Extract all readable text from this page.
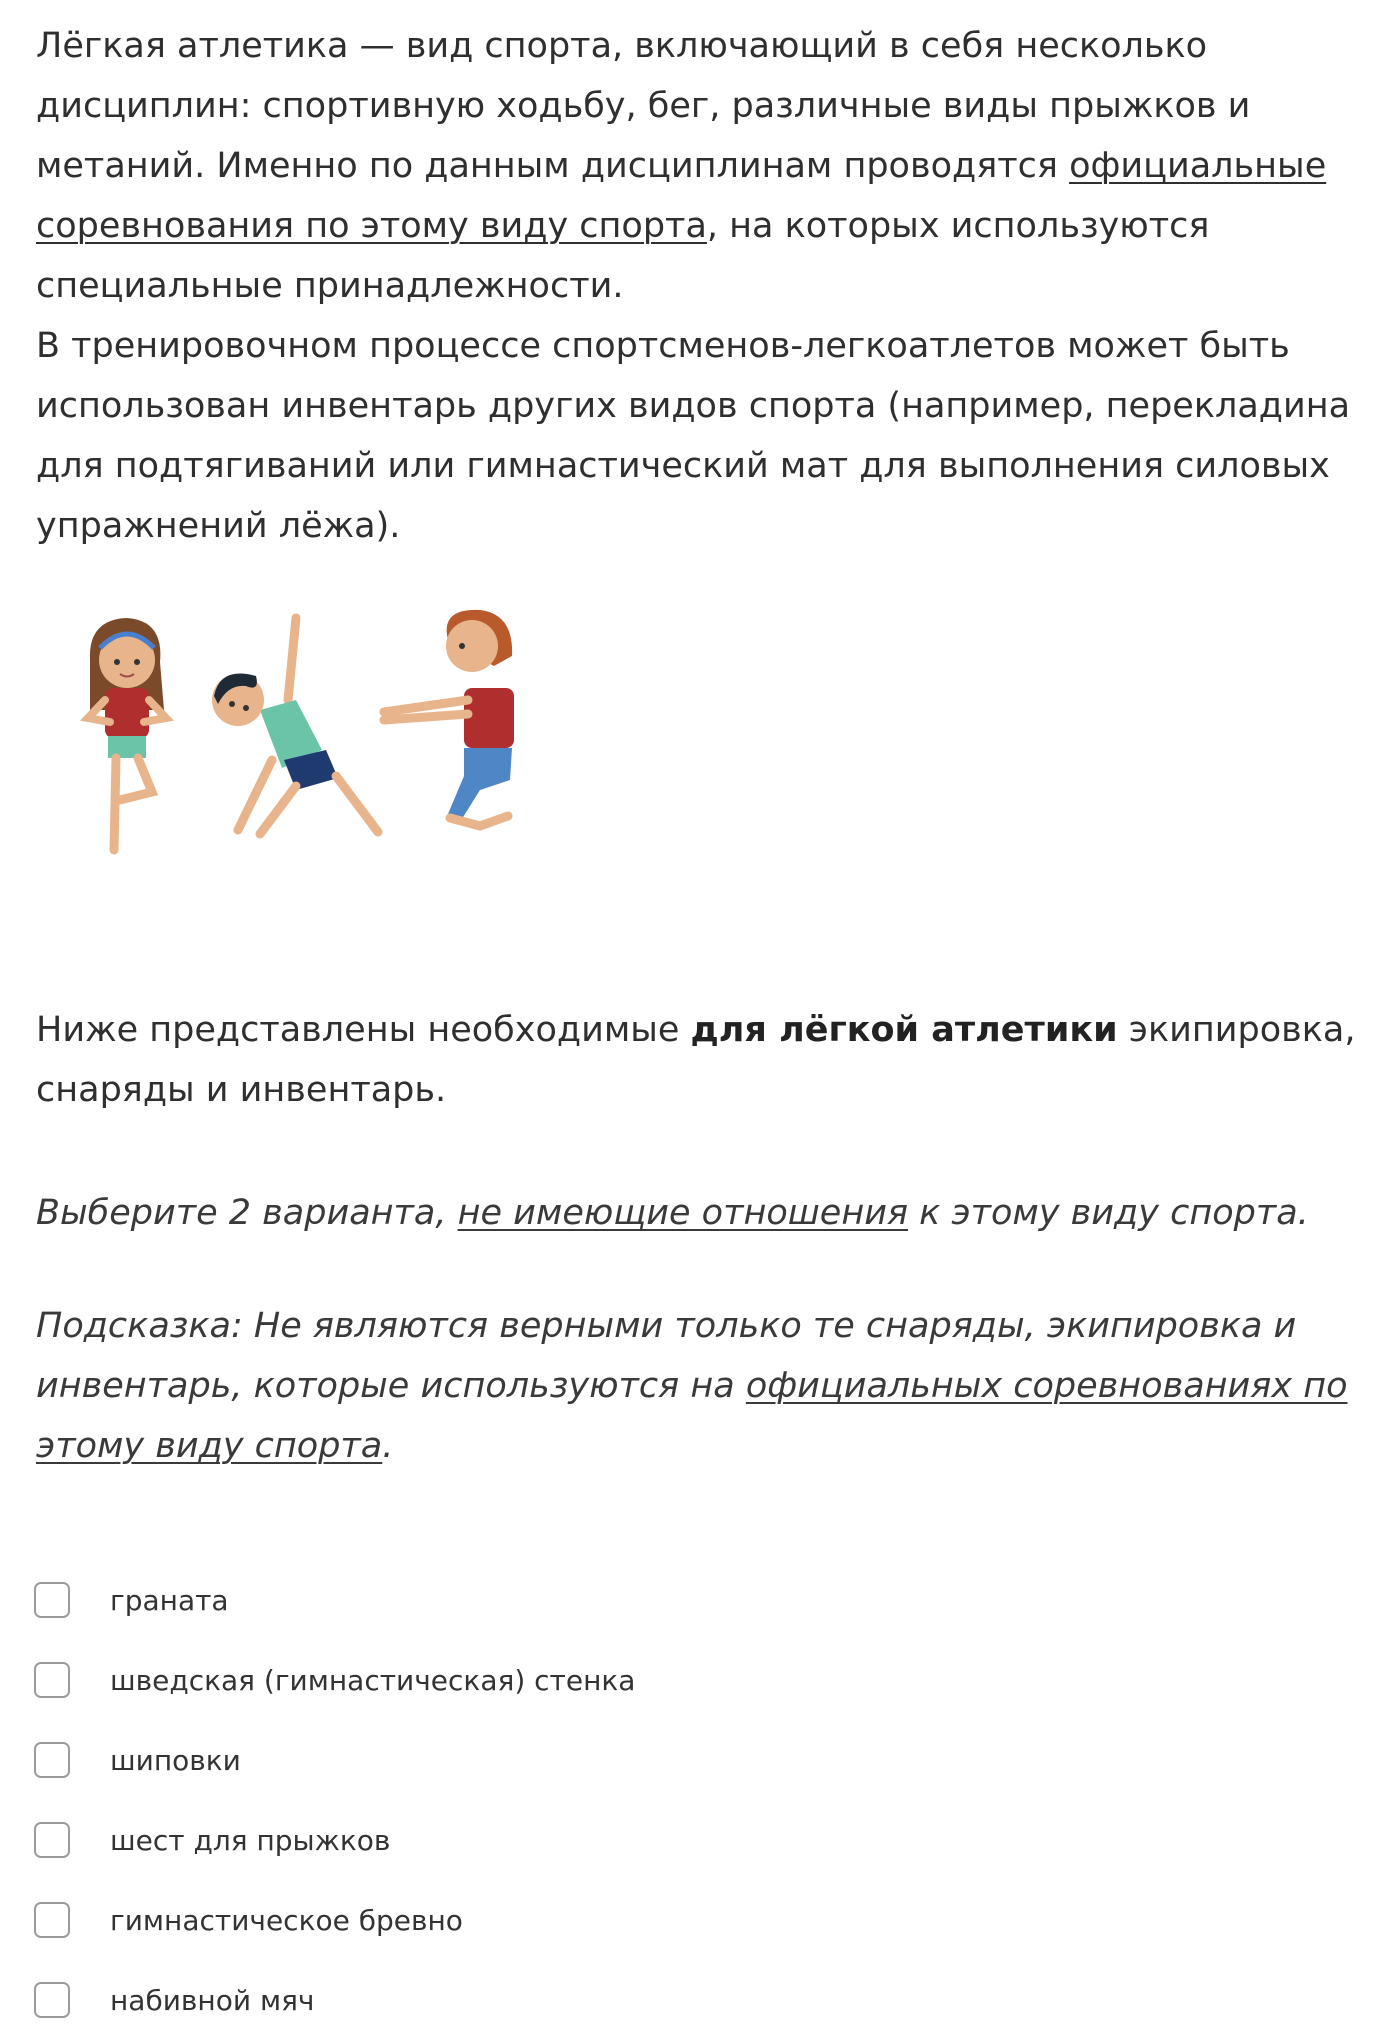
Лёгкая атлетика — вид спорта, включающий в себя несколько дисциплин: спортивную ходьбу, бег, различные виды прыжков и метаний. Именно по данным дисциплинам проводятся официальные соревнования по этому виду спорта, на которых используются специальные принадлежности.

В тренировочном процессе спортсменов-легкоатлетов может быть использован инвентарь других видов спорта (например, перекладина для подтягиваний или гимнастический мат для выполнения силовых упражнений лёжа).

Ниже представлены необходимые для лёгкой атлетики экипировка, снаряды и инвентарь.

Выберите 2 варианта, не имеющие отношения к этому виду спорта.

Подсказка: Не являются верными только те снаряды, экипировка и инвентарь, которые используются на официальных соревнованиях по этому виду спорта.

граната
шведская (гимнастическая) стенка
шиповки
шест для прыжков
гимнастическое бревно
набивной мяч
